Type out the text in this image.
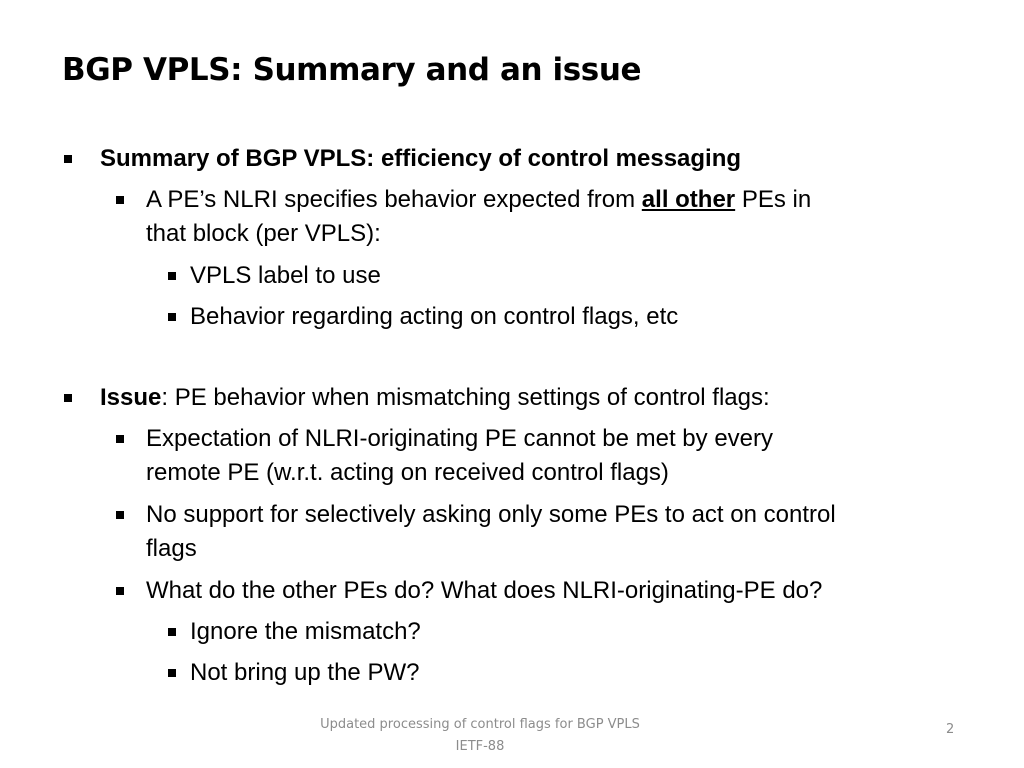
BGP VPLS: Summary and an issue
Summary of BGP VPLS: efficiency of control messaging
A PE’s NLRI specifies behavior expected from all other PEs in
that block (per VPLS):
VPLS label to use
Behavior regarding acting on control flags, etc
Issue: PE behavior when mismatching settings of control flags:
Expectation of NLRI-originating PE cannot be met by every
remote PE (w.r.t. acting on received control flags)
No support for selectively asking only some PEs to act on control
flags
What do the other PEs do? What does NLRI-originating-PE do?
Ignore the mismatch?
Not bring up the PW?
Updated processing of control flags for BGP VPLS
IETF-88
2
